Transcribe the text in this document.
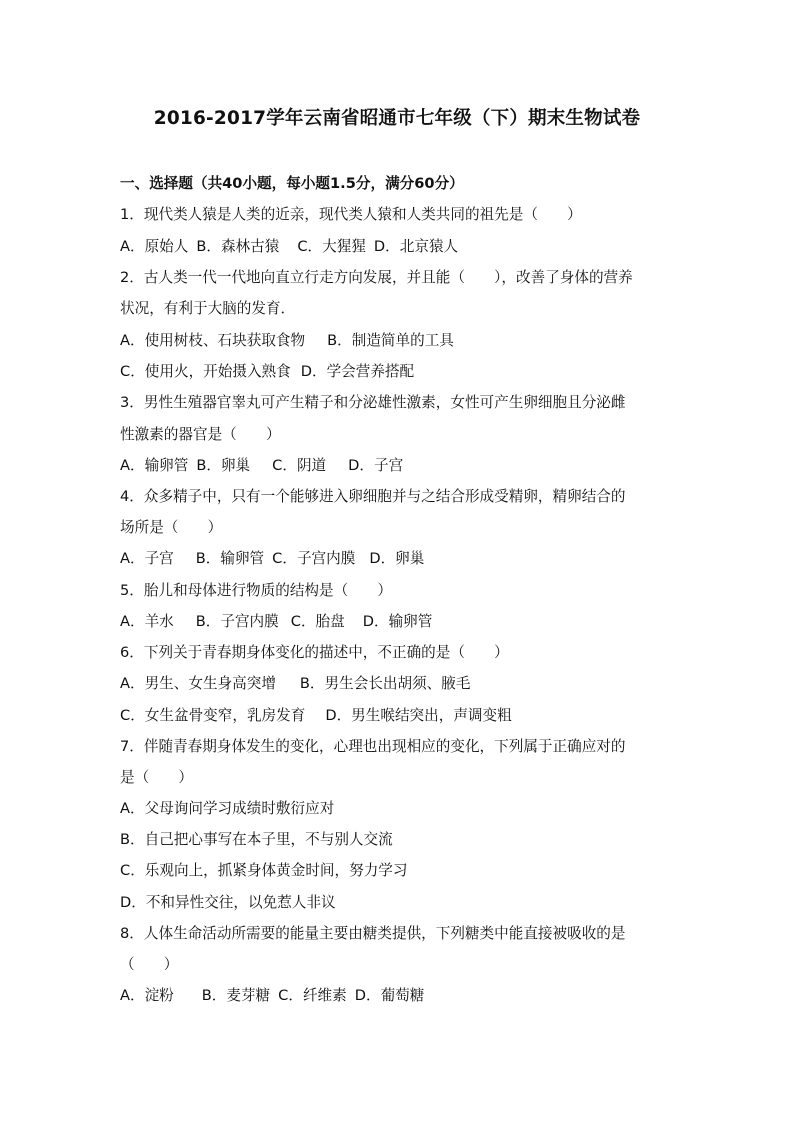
2016-2017学年云南省昭通市七年级（下）期末生物试卷
一、选择题（共40小题，每小题1.5分，满分60分）
1．现代类人猿是人类的近亲，现代类人猿和人类共同的祖先是（　　）
A．原始人 B．森林古猿 C．大猩猩 D．北京猿人
2．古人类一代一代地向直立行走方向发展，并且能（　　），改善了身体的营养
状况，有利于大脑的发育．
A．使用树枝、石块获取食物 B．制造简单的工具
C．使用火，开始摄入熟食 D．学会营养搭配
3．男性生殖器官睾丸可产生精子和分泌雄性激素，女性可产生卵细胞且分泌雌
性激素的器官是（　　）
A．输卵管 B．卵巢 C．阴道 D．子宫
4．众多精子中，只有一个能够进入卵细胞并与之结合形成受精卵，精卵结合的
场所是（　　）
A．子宫 B．输卵管 C．子宫内膜 D．卵巢
5．胎儿和母体进行物质的结构是（　　）
A．羊水 B．子宫内膜 C．胎盘 D．输卵管
6．下列关于青春期身体变化的描述中，不正确的是（　　）
A．男生、女生身高突增 B．男生会长出胡须、腋毛
C．女生盆骨变窄，乳房发育 D．男生喉结突出，声调变粗
7．伴随青春期身体发生的变化，心理也出现相应的变化，下列属于正确应对的
是（　　）
A．父母询问学习成绩时敷衍应对
B．自己把心事写在本子里，不与别人交流
C．乐观向上，抓紧身体黄金时间，努力学习
D．不和异性交往，以免惹人非议
8．人体生命活动所需要的能量主要由糖类提供，下列糖类中能直接被吸收的是
（　　）
A．淀粉 B．麦芽糖 C．纤维素 D．葡萄糖
